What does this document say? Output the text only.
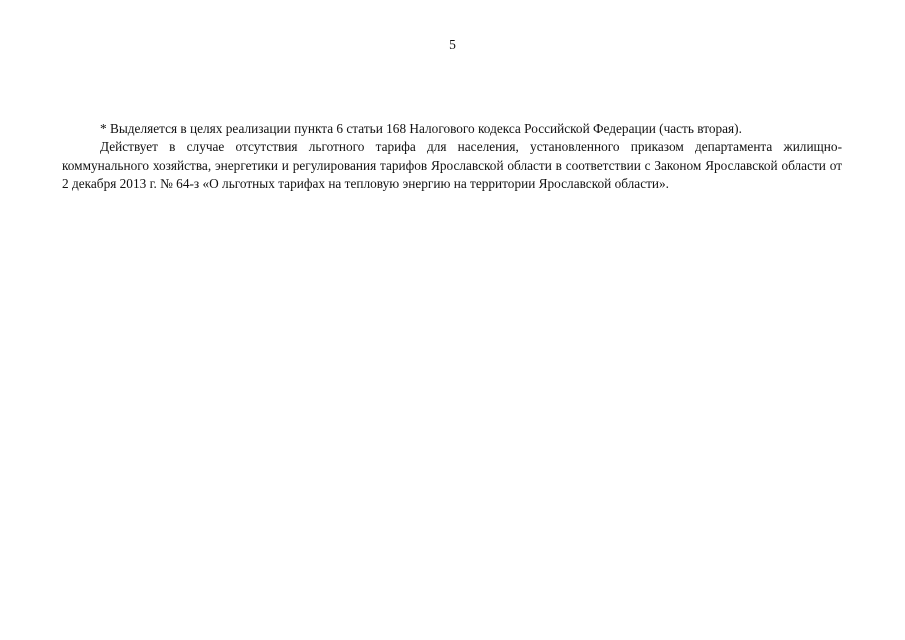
5

* Выделяется в целях реализации пункта 6 статьи 168 Налогового кодекса Российской Федерации (часть вторая).

Действует в случае отсутствия льготного тарифа для населения, установленного приказом департамента жилищно-коммунального хозяйства, энергетики и регулирования тарифов Ярославской области в соответствии с Законом Ярославской области от 2 декабря 2013 г. № 64-з «О льготных тарифах на тепловую энергию на территории Ярославской области».
